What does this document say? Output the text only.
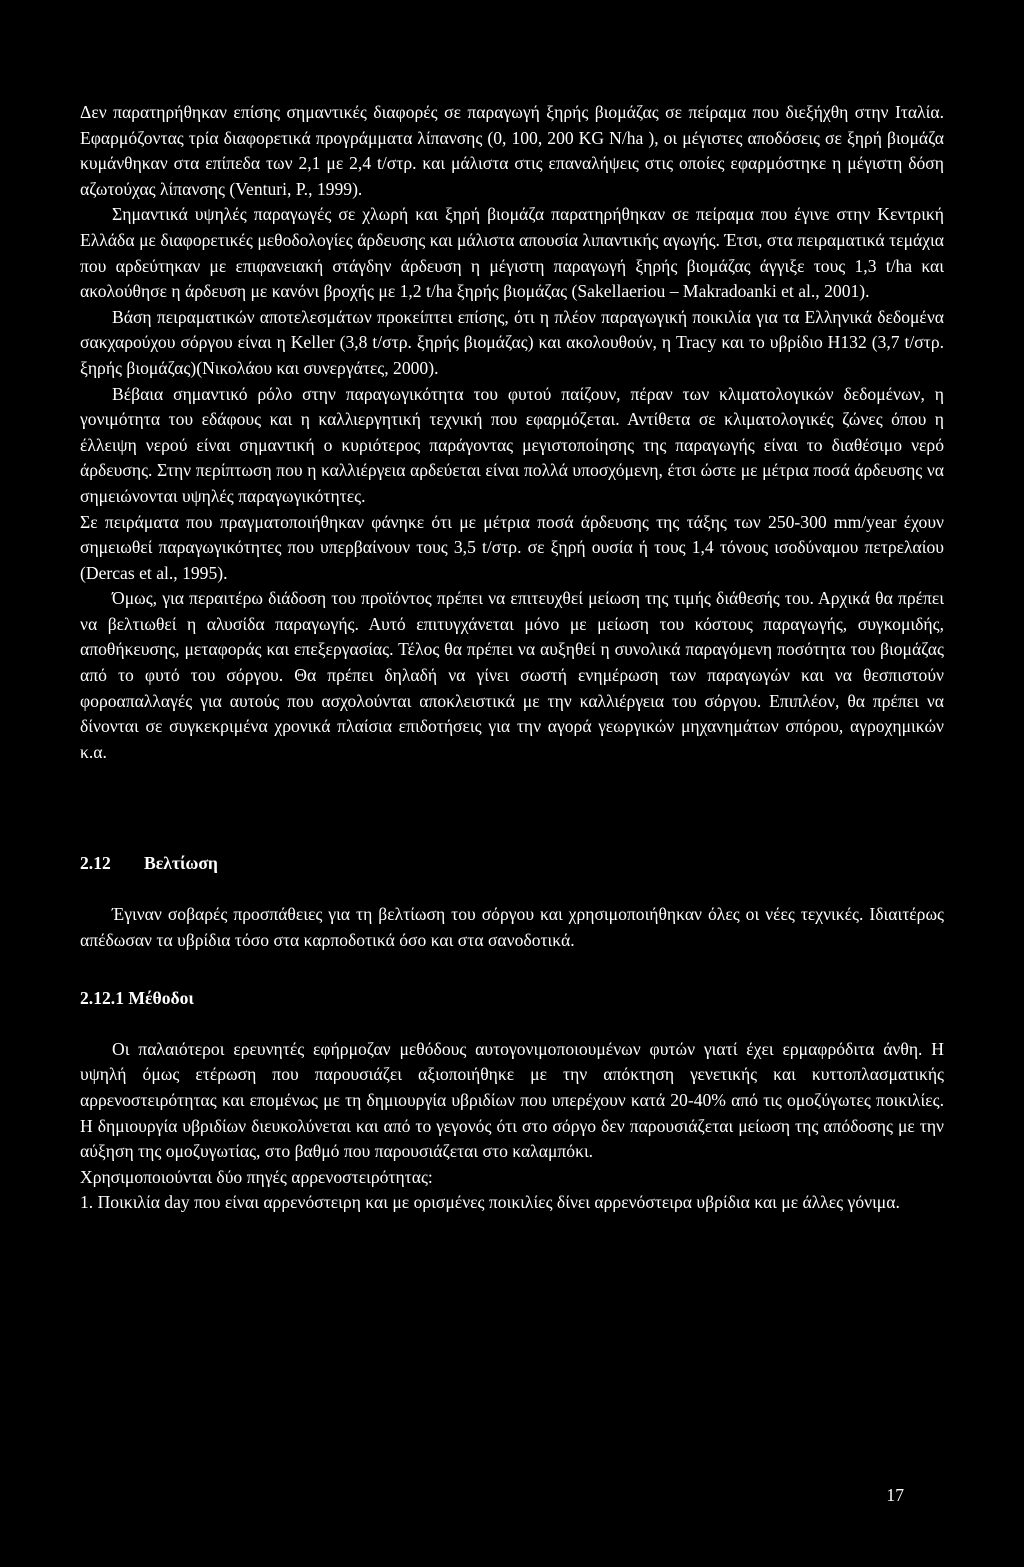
Δεν παρατηρήθηκαν επίσης σημαντικές διαφορές σε παραγωγή ξηρής βιομάζας σε πείραμα που διεξήχθη στην Ιταλία. Εφαρμόζοντας τρία διαφορετικά προγράμματα λίπανσης (0, 100, 200 KG N/ha ), οι μέγιστες αποδόσεις σε ξηρή βιομάζα κυμάνθηκαν στα επίπεδα των 2,1 με 2,4 t/στρ. και μάλιστα στις επαναλήψεις στις οποίες εφαρμόστηκε η μέγιστη δόση αζωτούχας λίπανσης (Venturi, P., 1999).

Σημαντικά υψηλές παραγωγές σε χλωρή και ξηρή βιομάζα παρατηρήθηκαν σε πείραμα που έγινε στην Κεντρική Ελλάδα με διαφορετικές μεθοδολογίες άρδευσης και μάλιστα απουσία λιπαντικής αγωγής. Έτσι, στα πειραματικά τεμάχια που αρδεύτηκαν με επιφανειακή στάγδην άρδευση η μέγιστη παραγωγή ξηρής βιομάζας άγγιξε τους 1,3 t/ha και ακολούθησε η άρδευση με κανόνι βροχής με 1,2 t/ha ξηρής βιομάζας (Sakellaeriou – Makradoanki et al., 2001).

Βάση πειραματικών αποτελεσμάτων προκείπτει επίσης, ότι η πλέον παραγωγική ποικιλία για τα Ελληνικά δεδομένα σακχαρούχου σόργου είναι η Keller (3,8 t/στρ. ξηρής βιομάζας) και ακολουθούν, η Tracy και το υβρίδιο H132 (3,7 t/στρ. ξηρής βιομάζας)(Νικολάου και συνεργάτες, 2000).

Βέβαια σημαντικό ρόλο στην παραγωγικότητα του φυτού παίζουν, πέραν των κλιματολογικών δεδομένων, η γονιμότητα του εδάφους και η καλλιεργητική τεχνική που εφαρμόζεται. Αντίθετα σε κλιματολογικές ζώνες όπου η έλλειψη νερού είναι σημαντική ο κυριότερος παράγοντας μεγιστοποίησης της παραγωγής είναι το διαθέσιμο νερό άρδευσης. Στην περίπτωση που η καλλιέργεια αρδεύεται είναι πολλά υποσχόμενη, έτσι ώστε με μέτρια ποσά άρδευσης να σημειώνονται υψηλές παραγωγικότητες.

Σε πειράματα που πραγματοποιήθηκαν φάνηκε ότι με μέτρια ποσά άρδευσης της τάξης των 250-300 mm/year έχουν σημειωθεί παραγωγικότητες που υπερβαίνουν τους 3,5 t/στρ. σε ξηρή ουσία ή τους 1,4 τόνους ισοδύναμου πετρελαίου (Dercas et al., 1995).

Όμως, για περαιτέρω διάδοση του προϊόντος πρέπει να επιτευχθεί μείωση της τιμής διάθεσής του. Αρχικά θα πρέπει να βελτιωθεί η αλυσίδα παραγωγής. Αυτό επιτυγχάνεται μόνο με μείωση του κόστους παραγωγής, συγκομιδής, αποθήκευσης, μεταφοράς και επεξεργασίας. Τέλος θα πρέπει να αυξηθεί η συνολικά παραγόμενη ποσότητα του βιομάζας από το φυτό του σόργου. Θα πρέπει δηλαδή να γίνει σωστή ενημέρωση των παραγωγών και να θεσπιστούν φοροαπαλλαγές για αυτούς που ασχολούνται αποκλειστικά με την καλλιέργεια του σόργου. Επιπλέον, θα πρέπει να δίνονται σε συγκεκριμένα χρονικά πλαίσια επιδοτήσεις για την αγορά γεωργικών μηχανημάτων σπόρου, αγροχημικών κ.α.

2.12 Βελτίωση

Έγιναν σοβαρές προσπάθειες για τη βελτίωση του σόργου και χρησιμοποιήθηκαν όλες οι νέες τεχνικές. Ιδιαιτέρως απέδωσαν τα υβρίδια τόσο στα καρποδοτικά όσο και στα σανοδοτικά.

2.12.1 Μέθοδοι

Οι παλαιότεροι ερευνητές εφήρμοζαν μεθόδους αυτογονιμοποιουμένων φυτών γιατί έχει ερμαφρόδιτα άνθη. Η υψηλή όμως ετέρωση που παρουσιάζει αξιοποιήθηκε με την απόκτηση γενετικής και κυττοπλασματικής αρρενοστειρότητας και επομένως με τη δημιουργία υβριδίων που υπερέχουν κατά 20-40% από τις ομοζύγωτες ποικιλίες. Η δημιουργία υβριδίων διευκολύνεται και από το γεγονός ότι στο σόργο δεν παρουσιάζεται μείωση της απόδοσης με την αύξηση της ομοζυγωτίας, στο βαθμό που παρουσιάζεται στο καλαμπόκι.

Χρησιμοποιούνται δύο πηγές αρρενοστειρότητας:

1. Ποικιλία day που είναι αρρενόστειρη και με ορισμένες ποικιλίες δίνει αρρενόστειρα υβρίδια και με άλλες γόνιμα.

17
